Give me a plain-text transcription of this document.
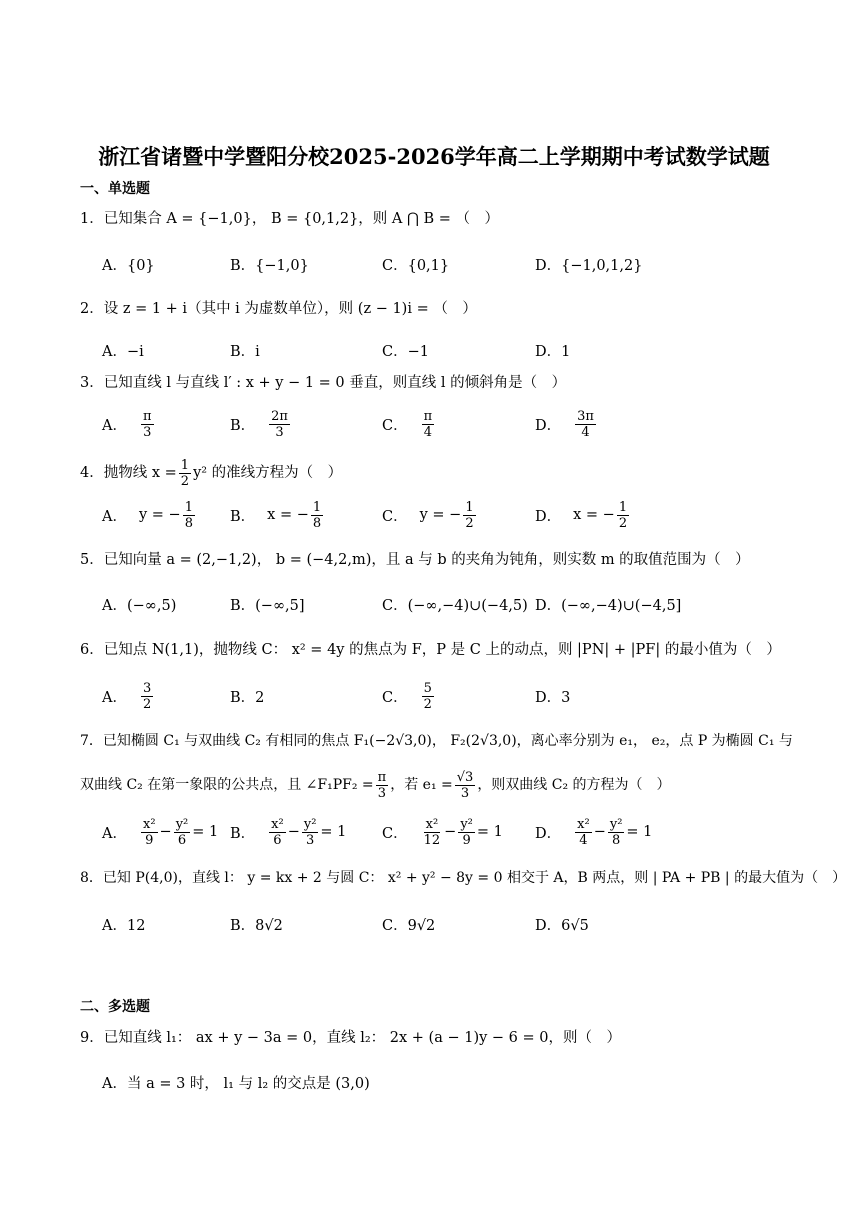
浙江省诸暨中学暨阳分校2025-2026学年高二上学期期中考试数学试题
一、单选题
1．已知集合 A = {−1,0}， B = {0,1,2}，则 A ⋂ B = （　）
A．{0}	B．{−1,0}	C．{0,1}	D．{−1,0,1,2}
2．设 z = 1 + i（其中 i 为虚数单位），则 (z − 1)i = （　）
A．−i	B．i	C．−1	D．1
3．已知直线 l 与直线 l′ : x + y − 1 = 0 垂直，则直线 l 的倾斜角是（　）
A． $\frac{\pi}{3}$	B． $\frac{2\pi}{3}$	C． $\frac{\pi}{4}$	D． $\frac{3\pi}{4}$
4．抛物线 $x = \frac{1}{2} y^2$ 的准线方程为（　）
A． y = − $\frac{1}{8}$ B． x = − $\frac{1}{8}$	C． y = − $\frac{1}{2}$	D． x = − $\frac{1}{2}$
5．已知向量 a = (2,−1,2)， b = (−4,2,m)，且 a 与 b 的夹角为钝角，则实数 m 的取值范围为（　）
A．(−∞,5)	B．(−∞,5]	C．(−∞,−4)∪(−4,5) D．(−∞,−4)∪(−4,5]
6．已知点 N(1,1)，抛物线 C： x² = 4y 的焦点为 F，P 是 C 上的动点，则 |PN| + |PF| 的最小值为（　）
A． $\frac{3}{2}$	B．2	C． $\frac{5}{2}$	D．3
7．已知椭圆 C₁ 与双曲线 C₂ 有相同的焦点 F₁(−2√3,0)， F₂(2√3,0)，离心率分别为 e₁， e₂，点 P 为椭圆 C₁ 与
双曲线 C₂ 在第一象限的公共点，且 ∠F₁PF₂ = $\frac{\pi}{3}$ ，若 $e_1 = \frac{√3}{3}$ ，则双曲线 C₂ 的方程为（　）
A． $\frac{\text{x²}}{9} - \frac{\text{y²}}{6} = 1$ B． $\frac{\text{x²}}{6} - \frac{\text{y²}}{3} = 1$ C． $\frac{\text{x²}}{12} - \frac{\text{y²}}{9} = 1$ D． $\frac{\text{x²}}{4} - \frac{\text{y²}}{8} = 1$
8．已知 P(4,0)，直线 l： y = kx + 2 与圆 C： x² + y² − 8y = 0 相交于 A，B 两点，则 | PA + PB | 的最大值为（　）
A．12	B．8√2	C．9√2	D．6√5
二、多选题
9．已知直线 l₁： ax + y − 3a = 0，直线 l₂： 2x + (a − 1)y − 6 = 0，则（　）
A．当 a = 3 时， l₁ 与 l₂ 的交点是 (3,0)
